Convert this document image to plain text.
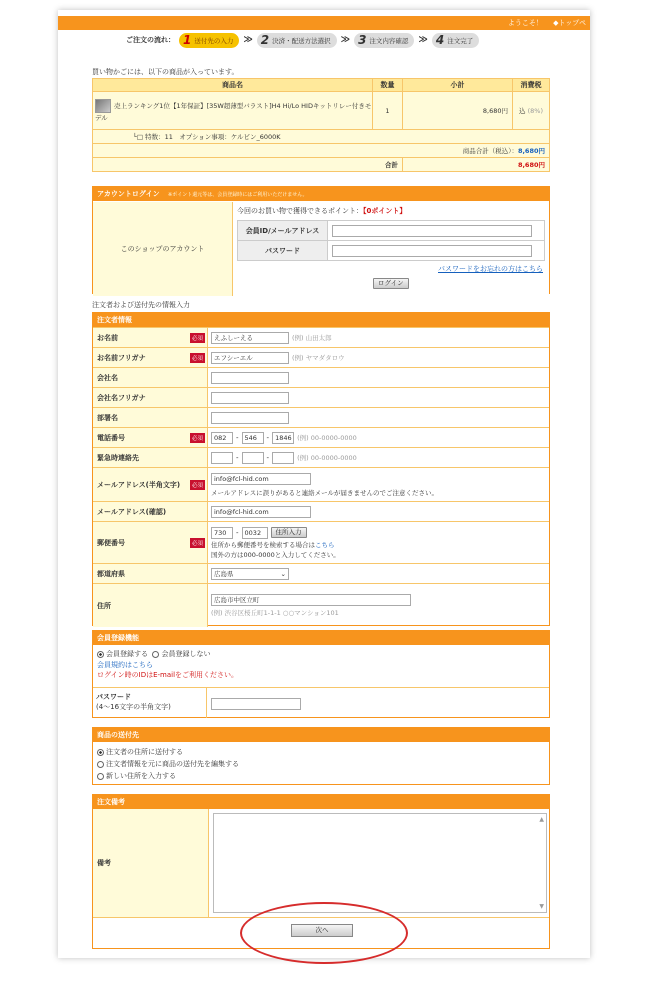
ようこそ！ ◆トップペ
ご注文の流れ： 1 送付先の入力 ≫ 2 決済・配送方法選択 ≫ 3 注文内容確認 ≫ 4 注文完了
買い物かごには、以下の商品が入っています。
商品名	数量	小計	消費税
売上ランキング1位【1年保証】[35W超薄型バラスト]H4 Hi/Lo HIDキットリレー付きモデル	1	8,680円	込 (8%)
└□ 特数：11　オプション事項：ケルビン_6000K			
商品合計（税込）：8,680円			
合計		8,680円	
アカウントログイン ※ポイント還元等は、会員登録時にはご利用いただけません。
このショップのアカウント
今回のお買い物で獲得できるポイント：【0ポイント】
会員ID/メールアドレス	
パスワード	
パスワードをお忘れの方はこちら
ログイン
注文者および送付先の情報入力
注文者情報
お名前	必須	えふしーえる	(例) 山田太郎
お名前フリガナ	必須	エフシーエル	(例) ヤマダタロウ
会社名
会社名フリガナ
部署名
電話番号	必須	082	- 546	- 1846 (例) 00-0000-0000
緊急時連絡先	-	-	(例) 00-0000-0000
メールアドレス(半角文字)	必須
info@fcl-hid.com
メールアドレスに誤りがあると連絡メールが届きませんのでご注意ください。
メールアドレス(確認)	info@fcl-hid.com
郵便番号	必須
730	- 0032	住所入力
住所から郵便番号を検索する場合はこちら
国外の方は000-0000と入力してください。
都道府県	広島県	⌄
住所
広島市中区立町
(例) 渋谷区桜丘町1-1-1 ○○マンション101
会員登録機能
会員登録する 会員登録しない
会員規約はこちら
ログイン時のIDはE-mailをご利用ください。
パスワード
(4〜16文字の半角文字)
商品の送付先
注文者の住所に送付する
注文者情報を元に商品の送付先を編集する
新しい住所を入力する
注文備考
備考
▲
▼
次へ
